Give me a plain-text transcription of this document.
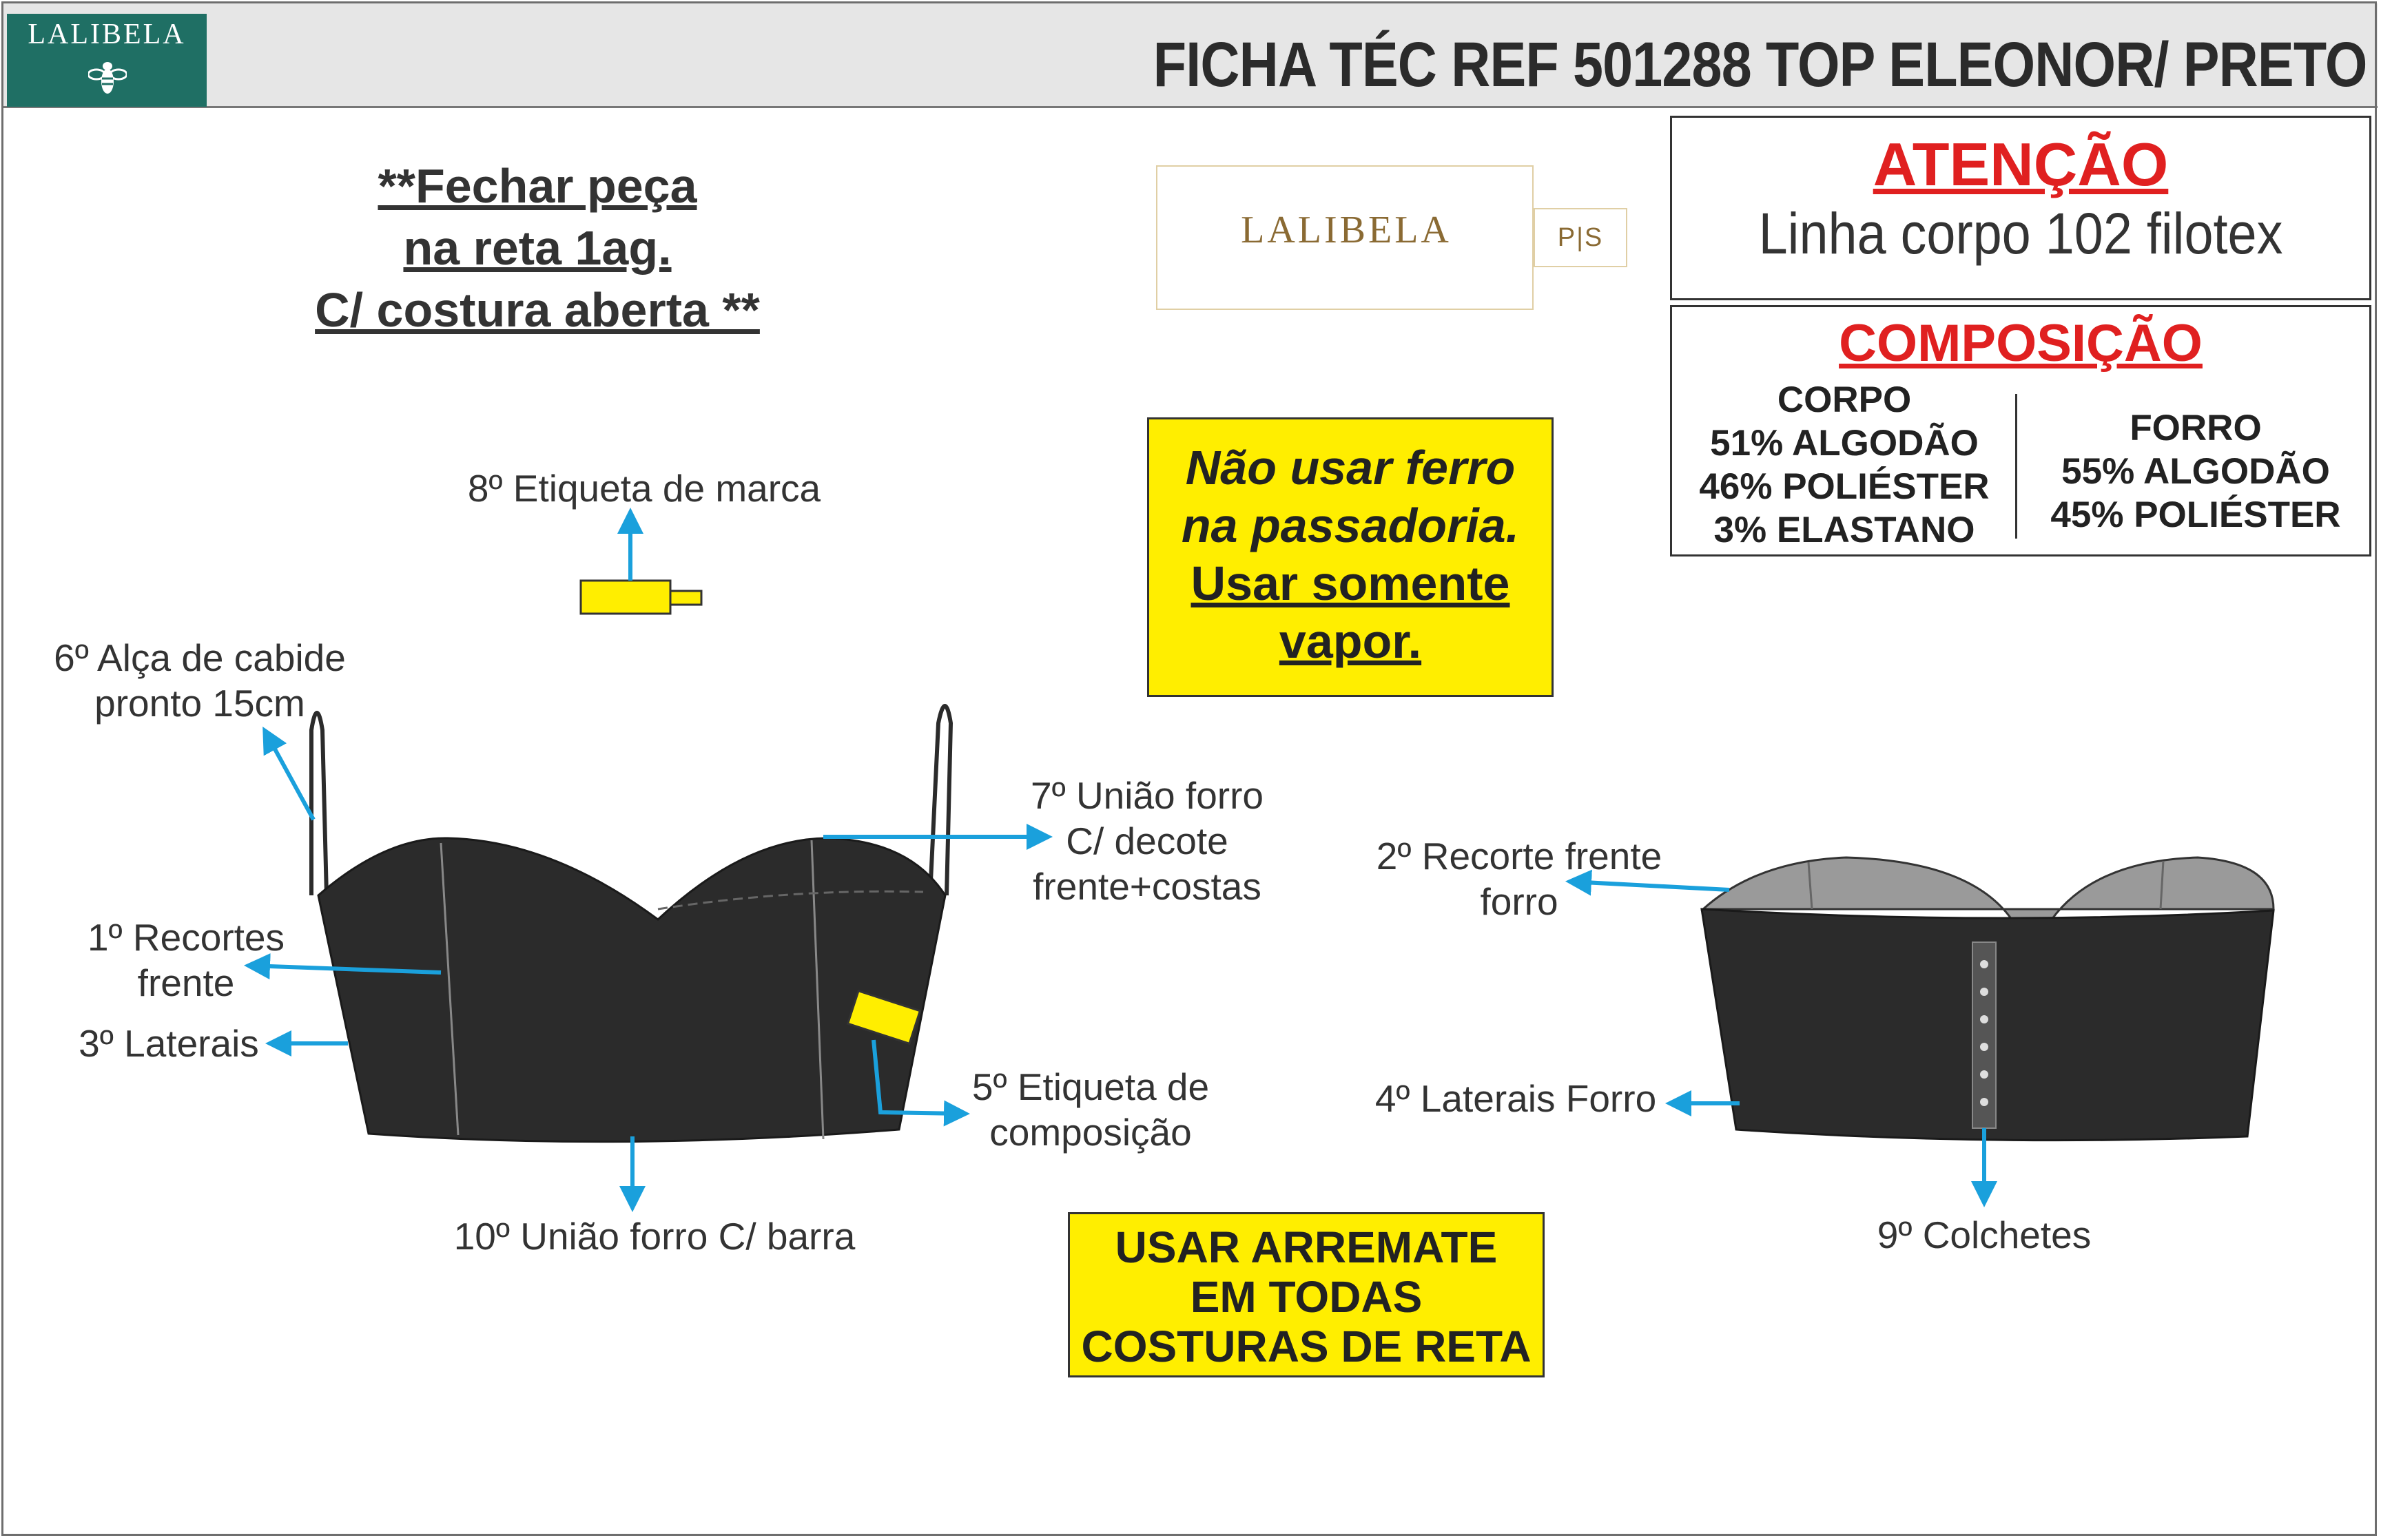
LALIBELA	FICHA TÉC REF 501288 TOP ELEONOR/ PRETO
**Fechar peça
na reta 1ag.
C/ costura aberta **
LALIBELA	P|S
ATENÇÃO
Linha corpo 102 filotex
COMPOSIÇÃO
CORPO
51% ALGODÃO
46% POLIÉSTER
3% ELASTANO
FORRO
55% ALGODÃO
45% POLIÉSTER
Não usar ferro
na passadoria.
Usar somente
vapor.
USAR ARREMATE
EM TODAS
COSTURAS DE RETA
8º Etiqueta de marca
6º Alça de cabide
pronto 15cm
7º União forro
C/ decote
frente+costas
1º Recortes
frente
3º Laterais
5º Etiqueta de
composição
10º União forro C/ barra
2º Recorte frente
forro
4º Laterais Forro
9º Colchetes
